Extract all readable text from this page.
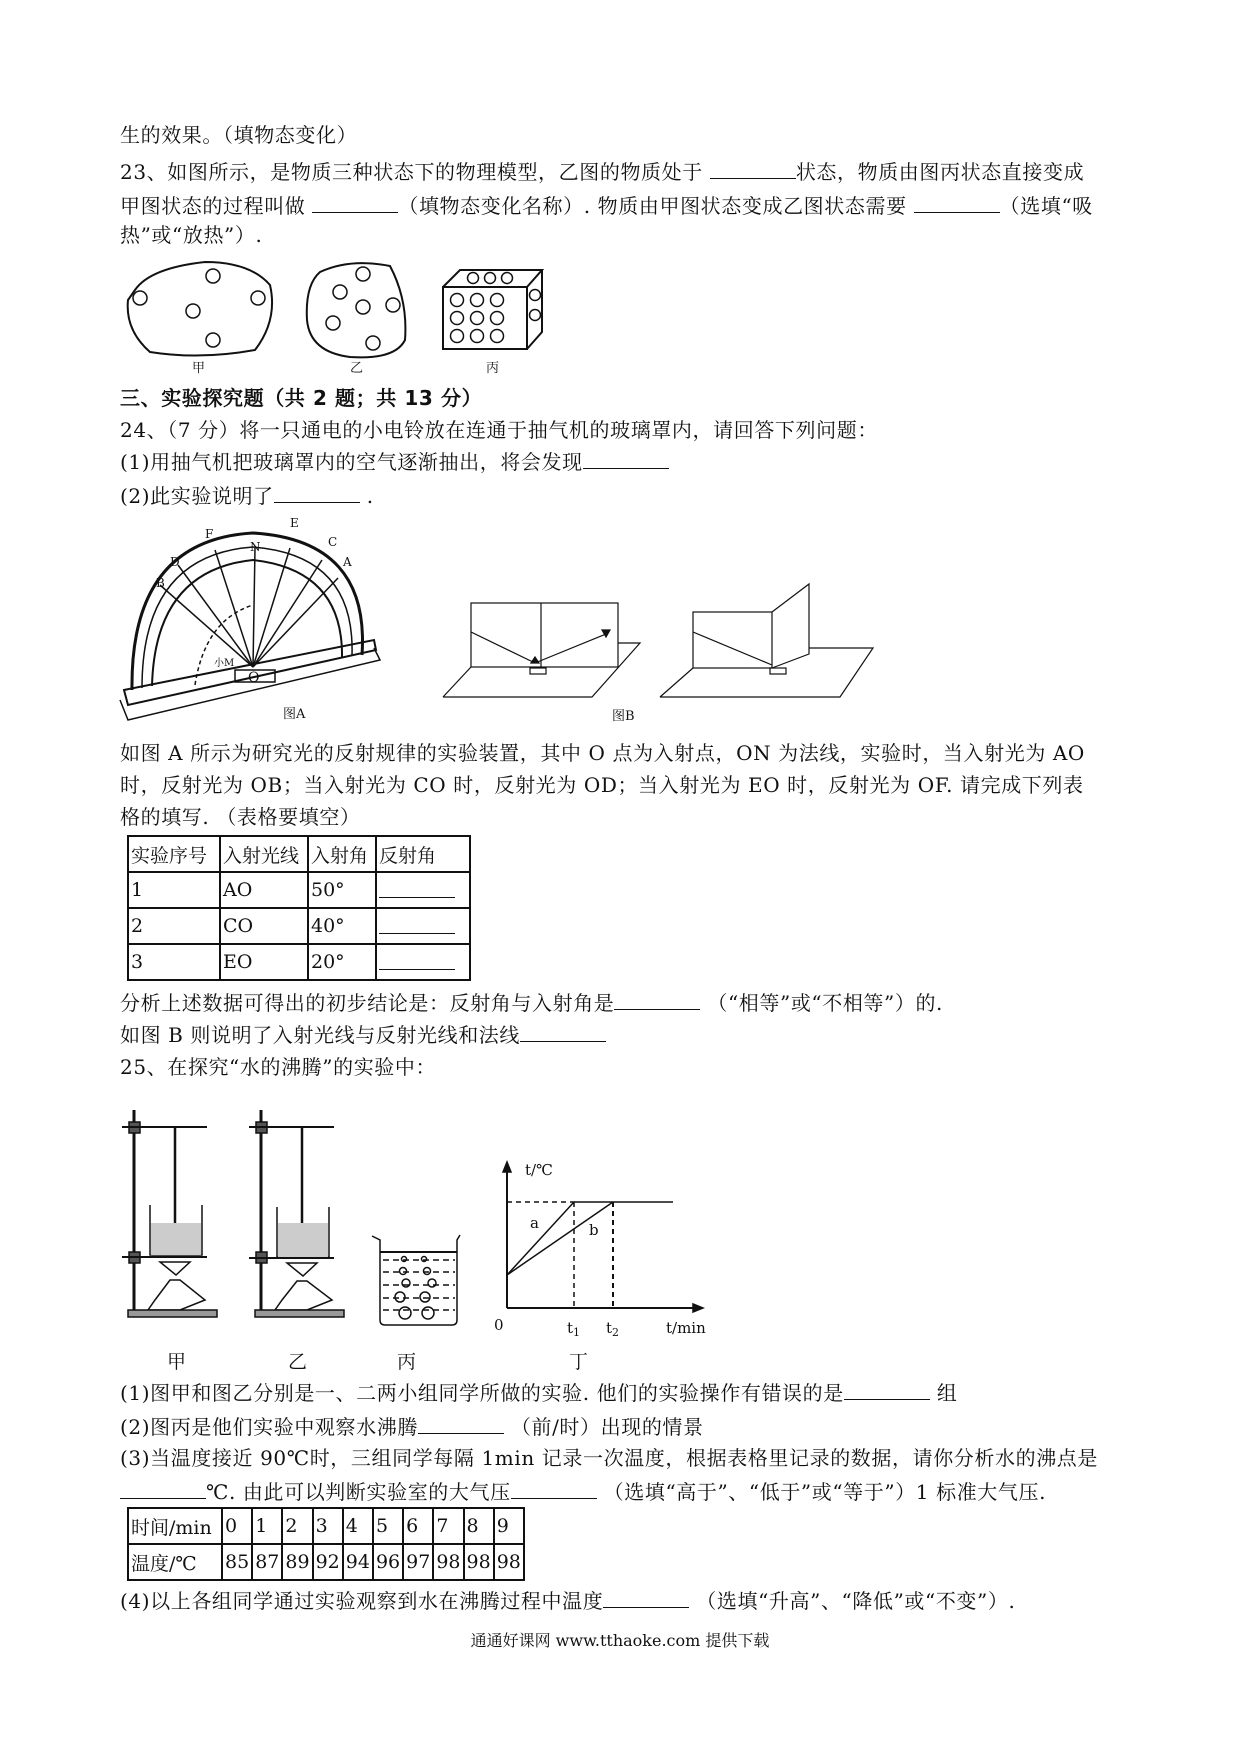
甲	乙	丙
F
E
C
A
D
B
N
O
小M
图A	图B
t/℃
a	b
0	$t_1$ $t_2$	t/min
甲	乙	丙	丁
生的效果。（填物态变化）
23、如图所示，是物质三种状态下的物理模型，乙图的物质处于	状态，物质由图丙状态直接变成
甲图状态的过程叫做	（填物态变化名称）. 物质由甲图状态变成乙图状态需要	（选填“吸
热”或“放热”）.
三、实验探究题（共 2 题；共 13 分）
24、（7 分）将一只通电的小电铃放在连通于抽气机的玻璃罩内，请回答下列问题：
(1)用抽气机把玻璃罩内的空气逐渐抽出，将会发现
(2)此实验说明了	.
如图 A 所示为研究光的反射规律的实验装置，其中 O 点为入射点，ON 为法线，实验时，当入射光为 AO
时，反射光为 OB；当入射光为 CO 时，反射光为 OD；当入射光为 EO 时，反射光为 OF. 请完成下列表
格的填写. （表格要填空）
实验序号	入射光线	入射角	反射角
1	AO	50°	
2	CO	40°	
3	EO	20°	
分析上述数据可得出的初步结论是：反射角与入射角是	（“相等”或“不相等”）的.
如图 B 则说明了入射光线与反射光线和法线
25、在探究“水的沸腾”的实验中：
(1)图甲和图乙分别是一、二两小组同学所做的实验. 他们的实验操作有错误的是	组
(2)图丙是他们实验中观察水沸腾	（前/时）出现的情景
(3)当温度接近 90℃时，三组同学每隔 1min 记录一次温度，根据表格里记录的数据，请你分析水的沸点是
℃. 由此可以判断实验室的大气压	（选填“高于”、“低于”或“等于”）1 标准大气压.
时间/min	0	1	2	3	4	5	6	7	8	9
温度/℃	85	87	89	92	94	96	97	98	98	98
(4)以上各组同学通过实验观察到水在沸腾过程中温度	（选填“升高”、“降低”或“不变”）.
通通好课网 www.tthaoke.com 提供下载
